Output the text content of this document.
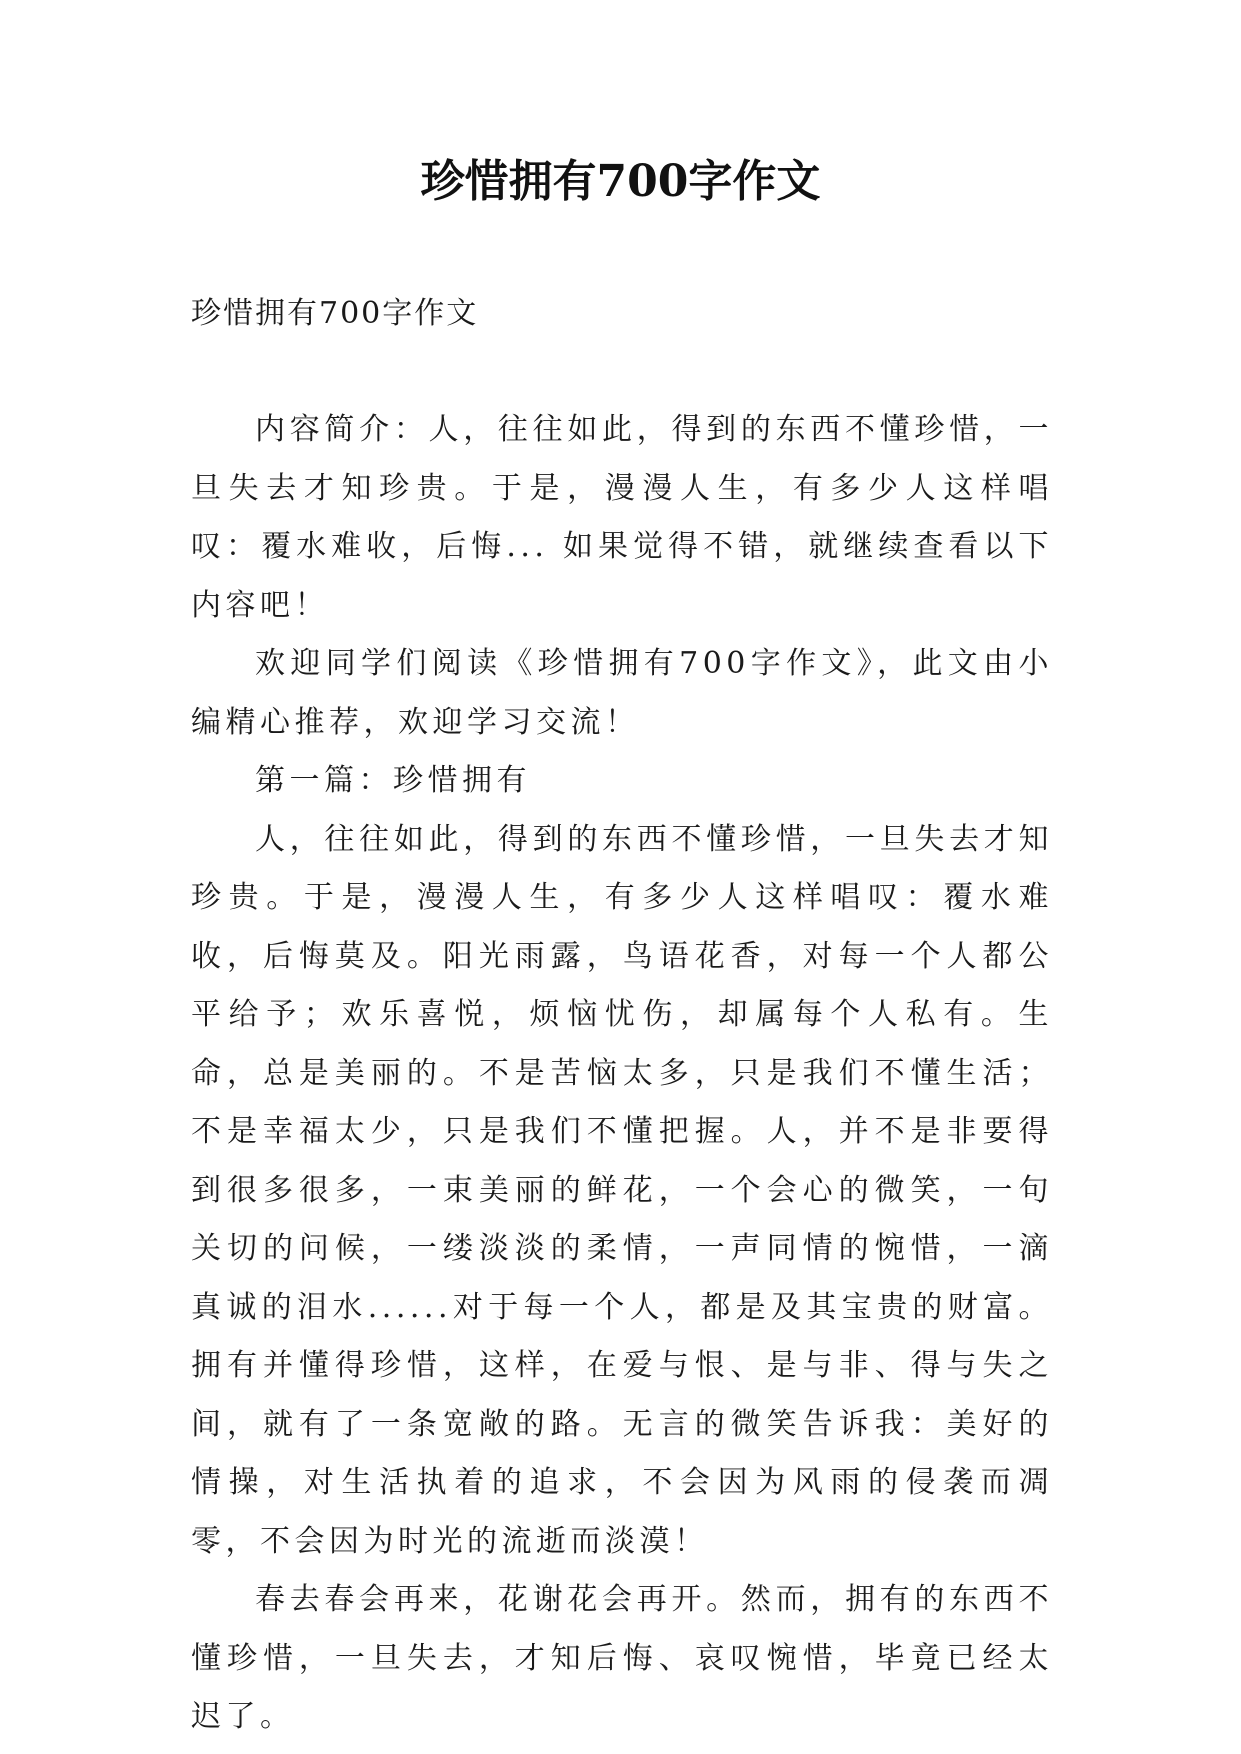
珍惜拥有700字作文

珍惜拥有700字作文

内容简介：人，往往如此，得到的东西不懂珍惜，一旦失去才知珍贵。于是，漫漫人生，有多少人这样唱叹：覆水难收，后悔... 如果觉得不错，就继续查看以下内容吧！

欢迎同学们阅读《珍惜拥有700字作文》，此文由小编精心推荐，欢迎学习交流！

第一篇：珍惜拥有

人，往往如此，得到的东西不懂珍惜，一旦失去才知珍贵。于是，漫漫人生，有多少人这样唱叹：覆水难收，后悔莫及。阳光雨露，鸟语花香，对每一个人都公平给予；欢乐喜悦，烦恼忧伤，却属每个人私有。生命，总是美丽的。不是苦恼太多，只是我们不懂生活；不是幸福太少，只是我们不懂把握。人，并不是非要得到很多很多，一束美丽的鲜花，一个会心的微笑，一句关切的问候，一缕淡淡的柔情，一声同情的惋惜，一滴真诚的泪水......对于每一个人，都是及其宝贵的财富。拥有并懂得珍惜，这样，在爱与恨、是与非、得与失之间，就有了一条宽敞的路。无言的微笑告诉我：美好的情操，对生活执着的追求，不会因为风雨的侵袭而凋零，不会因为时光的流逝而淡漠！

春去春会再来，花谢花会再开。然而，拥有的东西不懂珍惜，一旦失去，才知后悔、哀叹惋惜，毕竟已经太迟了。
